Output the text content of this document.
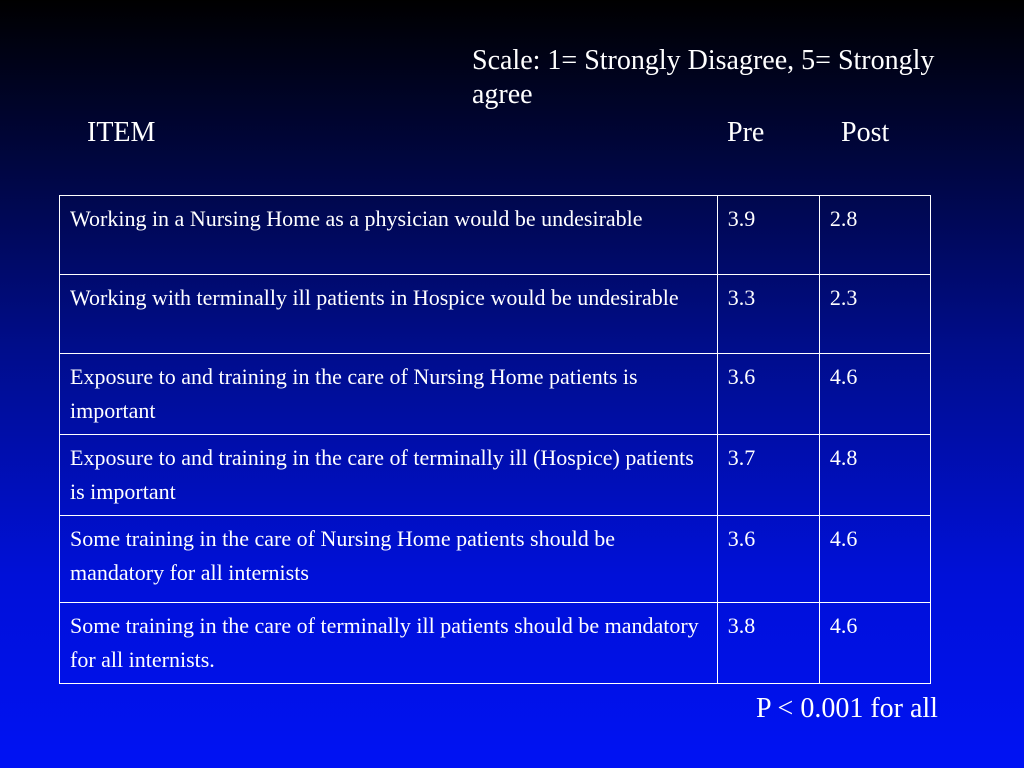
Scale: 1= Strongly Disagree, 5= Strongly agree
ITEM	Pre	Post
Working in a Nursing Home as a physician would be undesirable	3.9	2.8
Working with terminally ill patients in Hospice would be undesirable	3.3	2.3
Exposure to and training in the care of Nursing Home patients is important	3.6	4.6
Exposure to and training in the care of terminally ill (Hospice) patients is important	3.7	4.8
Some training in the care of Nursing Home patients should be mandatory for all internists	3.6	4.6
Some training in the care of terminally ill patients should be mandatory for all internists.	3.8	4.6
P < 0.001 for all
